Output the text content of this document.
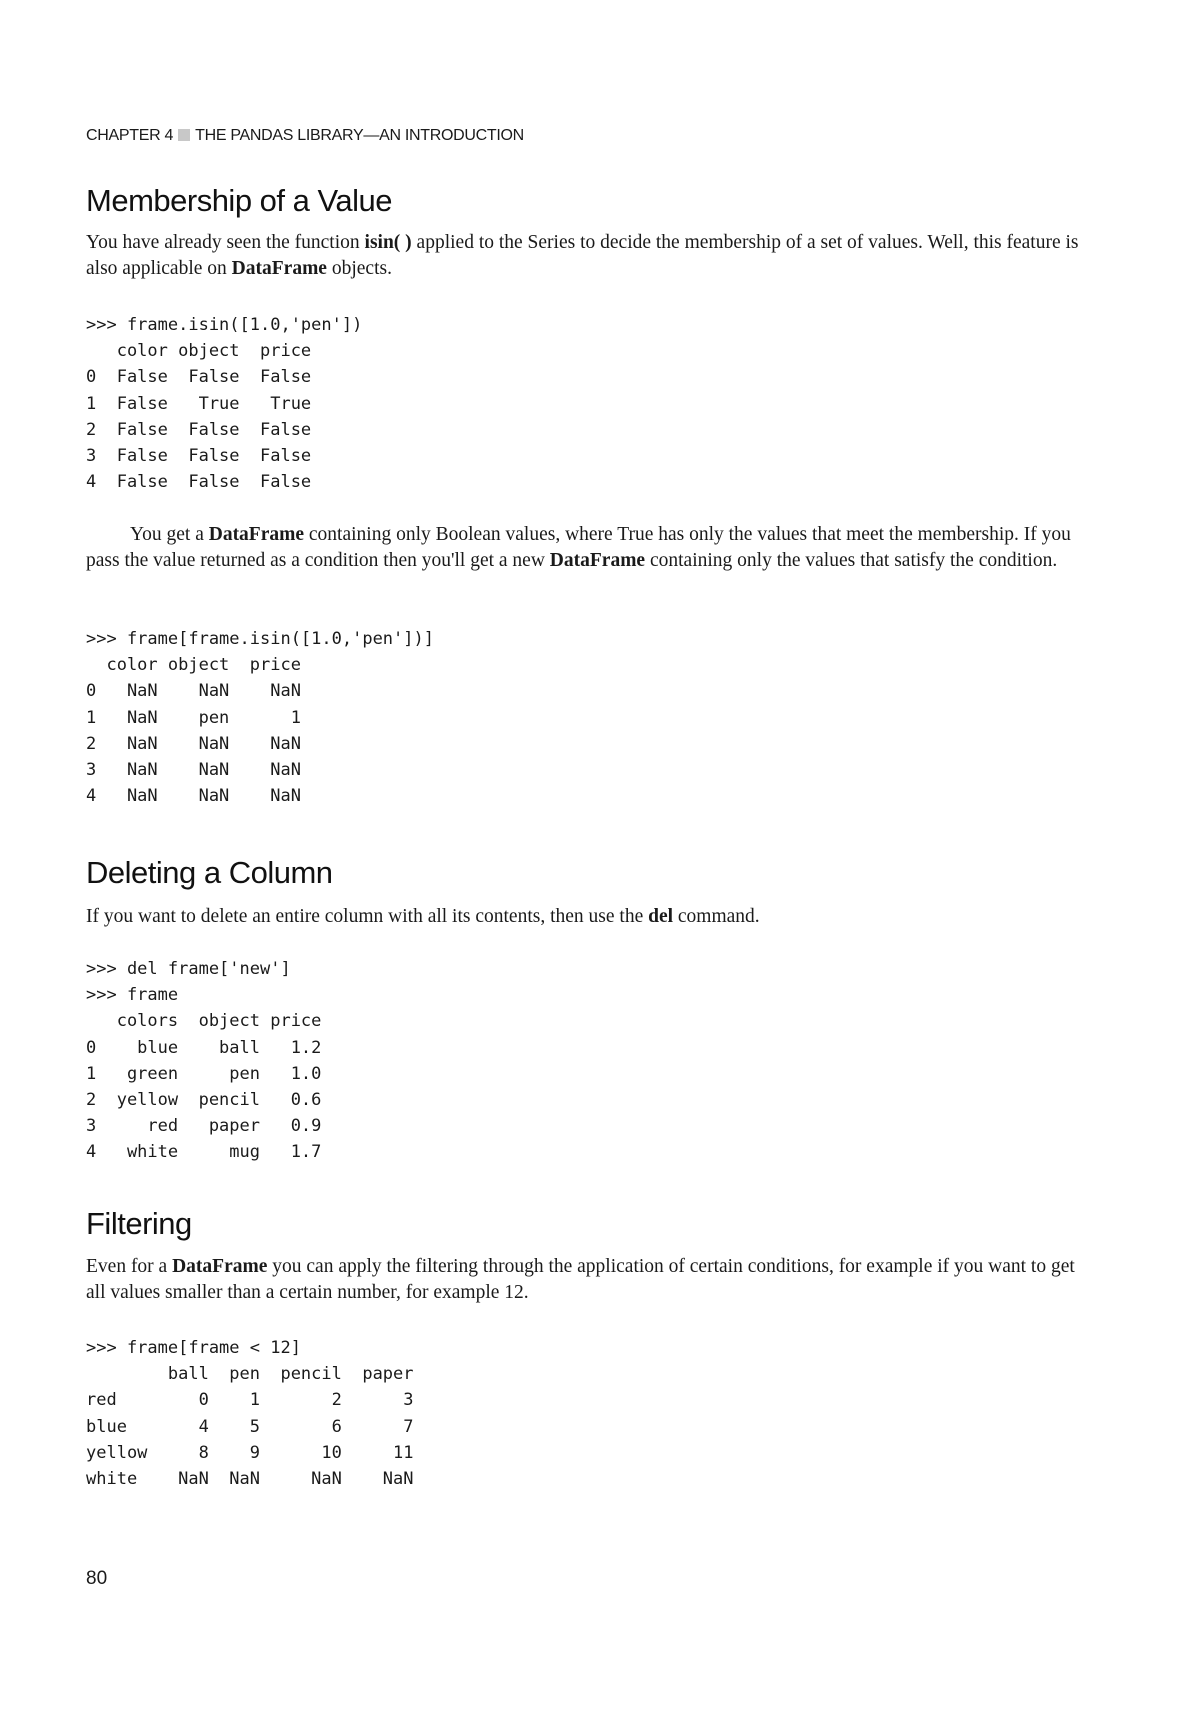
CHAPTER 4 THE PANDAS LIBRARY—AN INTRODUCTION
Membership of a Value

You have already seen the function isin( ) applied to the Series to decide the membership of a set of values. Well, this feature is also applicable on DataFrame objects.

>>> frame.isin([1.0,'pen'])
color object  price
0  False  False  False
1  False   True   True
2  False  False  False
3  False  False  False
4  False  False  False

You get a DataFrame containing only Boolean values, where True has only the values that meet the membership. If you pass the value returned as a condition then you'll get a new DataFrame containing only the values that satisfy the condition.

>>> frame[frame.isin([1.0,'pen'])]
color object  price
0   NaN    NaN    NaN
1   NaN    pen      1
2   NaN    NaN    NaN
3   NaN    NaN    NaN
4   NaN    NaN    NaN
Deleting a Column

If you want to delete an entire column with all its contents, then use the del command.

>>> del frame['new']
>>> frame
colors  object price
0    blue    ball   1.2
1   green     pen   1.0
2  yellow  pencil   0.6
3     red   paper   0.9
4   white     mug   1.7
Filtering

Even for a DataFrame you can apply the filtering through the application of certain conditions, for example if you want to get all values smaller than a certain number, for example 12.

>>> frame[frame < 12]
ball  pen  pencil  paper
red        0    1       2      3
blue       4    5       6      7
yellow     8    9      10     11
white    NaN  NaN     NaN    NaN
80
